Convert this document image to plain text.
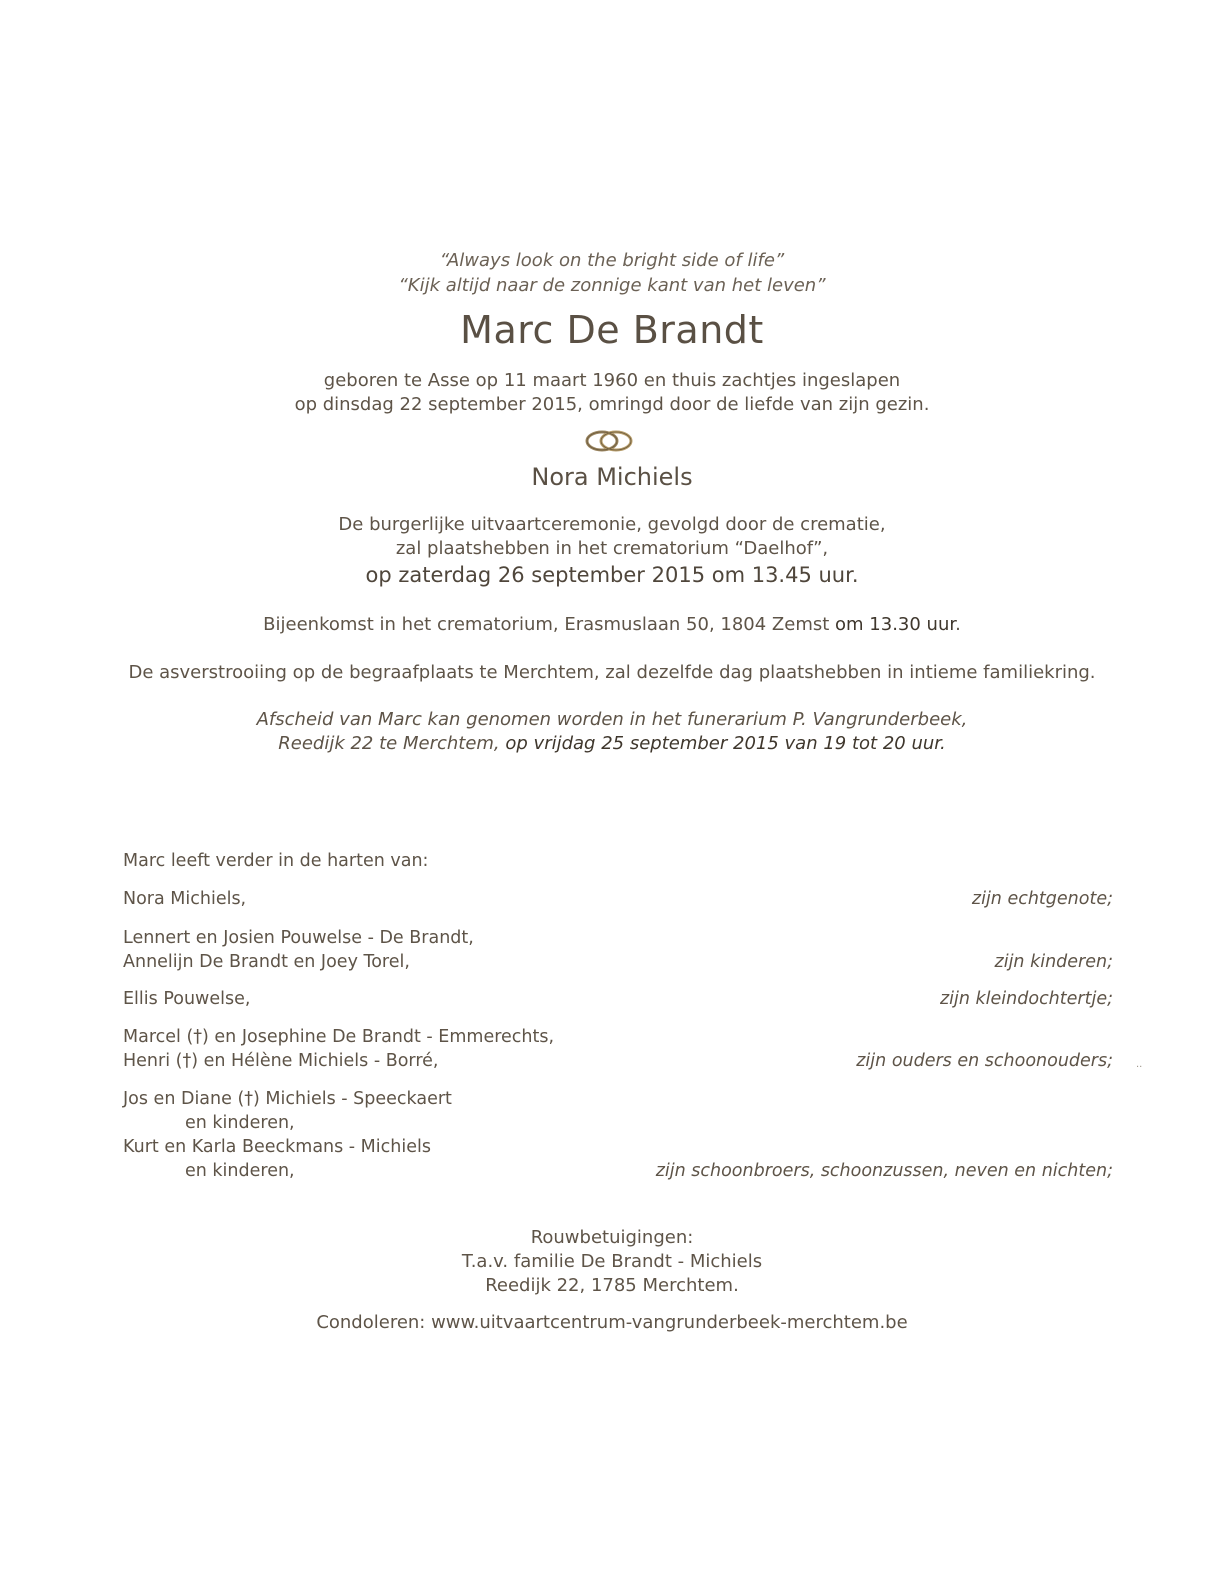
“Always look on the bright side of life”
“Kijk altijd naar de zonnige kant van het leven”
Marc De Brandt
geboren te Asse op 11 maart 1960 en thuis zachtjes ingeslapen
op dinsdag 22 september 2015, omringd door de liefde van zijn gezin.
Nora Michiels
De burgerlijke uitvaartceremonie, gevolgd door de crematie,
zal plaatshebben in het crematorium “Daelhof”,
op zaterdag 26 september 2015 om 13.45 uur.
Bijeenkomst in het crematorium, Erasmuslaan 50, 1804 Zemst om 13.30 uur.
De asverstrooiing op de begraafplaats te Merchtem, zal dezelfde dag plaatshebben in intieme familiekring.
Afscheid van Marc kan genomen worden in het funerarium P. Vangrunderbeek,
Reedijk 22 te Merchtem, op vrijdag 25 september 2015 van 19 tot 20 uur.
Marc leeft verder in de harten van:
Nora Michiels,	zijn echtgenote;
Lennert en Josien Pouwelse - De Brandt,
Annelijn De Brandt en Joey Torel,	zijn kinderen;
Ellis Pouwelse,	zijn kleindochtertje;
Marcel (†) en Josephine De Brandt - Emmerechts,
Henri (†) en Hélène Michiels - Borré,	zijn ouders en schoonouders; ..
Jos en Diane (†) Michiels - Speeckaert
en kinderen,
Kurt en Karla Beeckmans - Michiels
en kinderen,	zijn schoonbroers, schoonzussen, neven en nichten;
Rouwbetuigingen:
T.a.v. familie De Brandt - Michiels
Reedijk 22, 1785 Merchtem.
Condoleren: www.uitvaartcentrum-vangrunderbeek-merchtem.be
